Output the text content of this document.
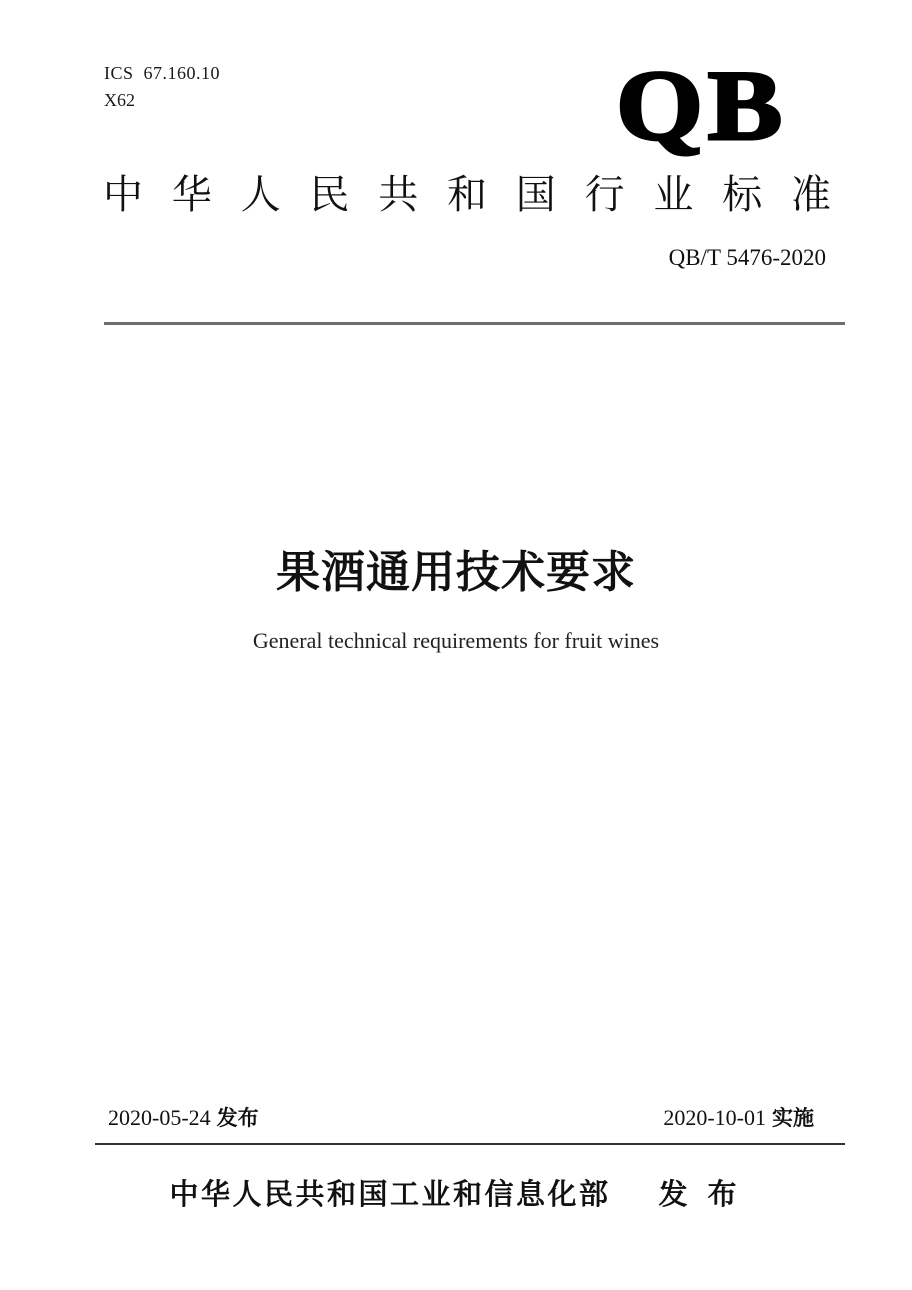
ICS  67.160.10
X62	QB
中 华 人 民 共 和 国 行 业 标 准
QB/T 5476-2020
果酒通用技术要求
General technical requirements for fruit wines
2020-05-24 发布	2020-10-01 实施
中华人民共和国工业和信息化部 发 布
